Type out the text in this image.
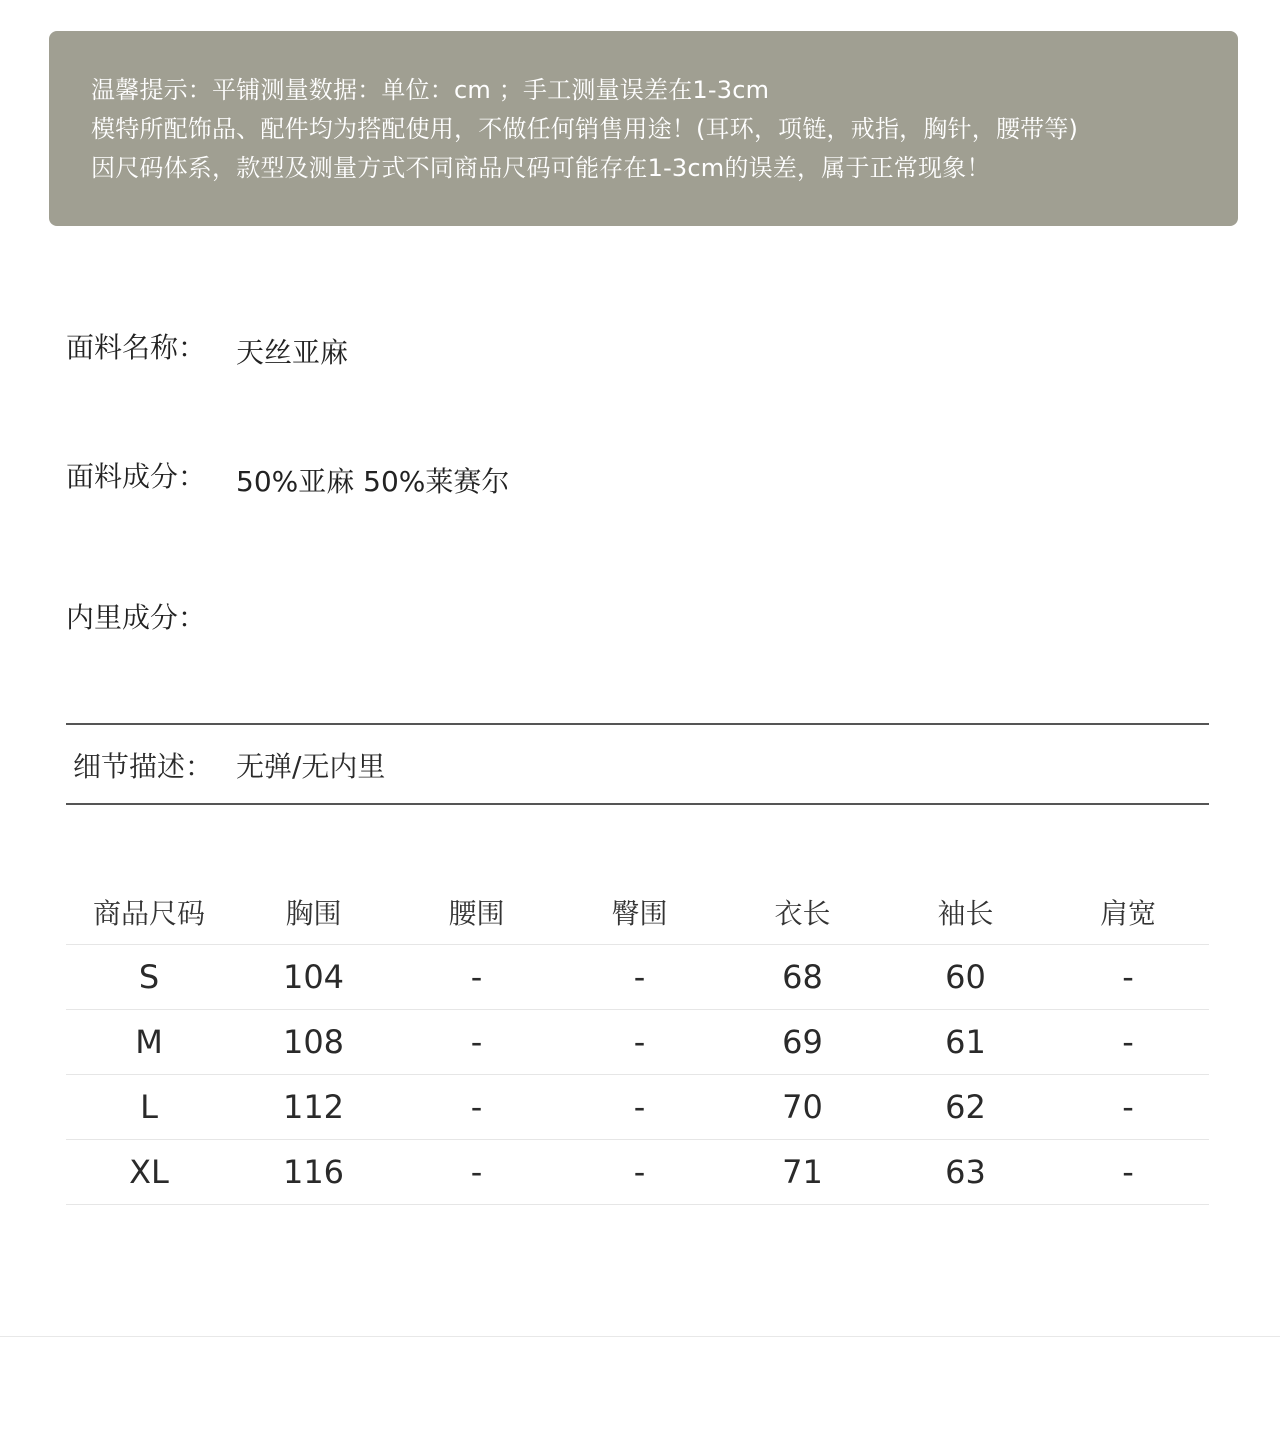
温馨提示：平铺测量数据：单位：cm ；手工测量误差在1-3cm
模特所配饰品、配件均为搭配使用，不做任何销售用途！(耳环，项链，戒指，胸针，腰带等)
因尺码体系，款型及测量方式不同商品尺码可能存在1-3cm的误差，属于正常现象！
面料名称： 天丝亚麻
面料成分： 50%亚麻 50%莱赛尔
内里成分：
细节描述： 无弹/无内里
商品尺码	胸围	腰围	臀围	衣长	袖长	肩宽
S	104	-	-	68	60	-
M	108	-	-	69	61	-
L	112	-	-	70	62	-
XL	116	-	-	71	63	-
